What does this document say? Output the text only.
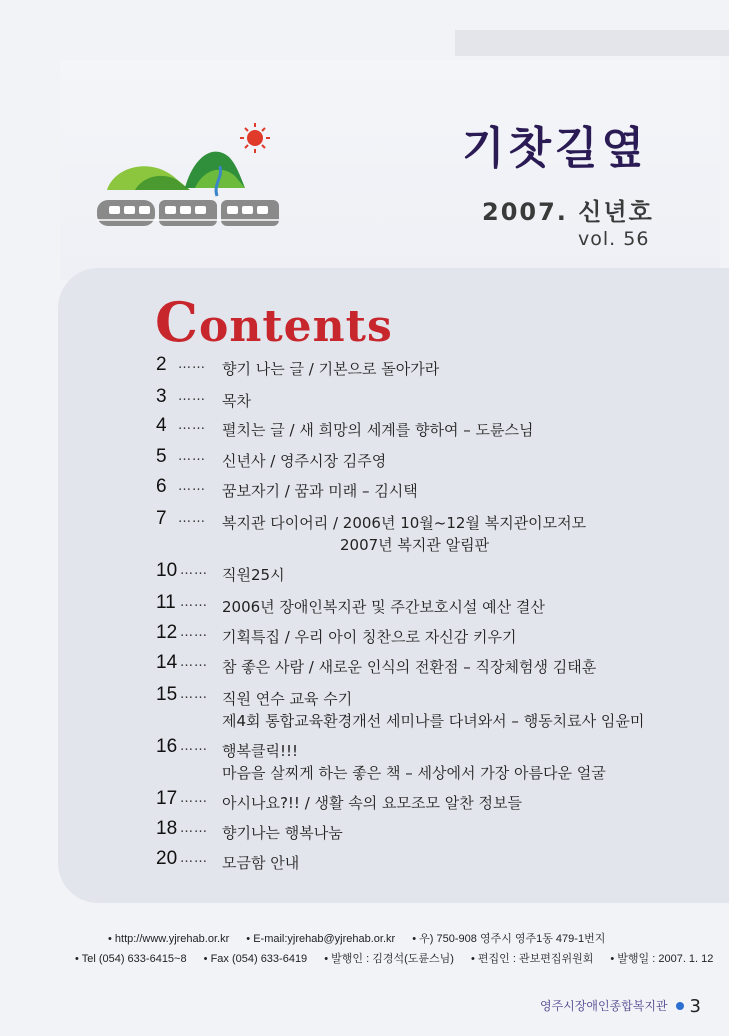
기찻길옆
2007. 신년호
vol. 56
Contents
2 …… 향기 나는 글 / 기본으로 돌아가라
3 …… 목차
4 …… 펼치는 글 / 새 희망의 세계를 향하여 – 도륜스님
5 …… 신년사 / 영주시장 김주영
6 …… 꿈보자기 / 꿈과 미래 – 김시택
7 …… 복지관 다이어리 / 2006년 10월~12월 복지관이모저모
2007년 복지관 알림판
10 …… 직원25시
11 …… 2006년 장애인복지관 및 주간보호시설 예산 결산
12 …… 기획특집 / 우리 아이 칭찬으로 자신감 키우기
14 …… 참 좋은 사람 / 새로운 인식의 전환점 – 직장체험생 김태훈
15 …… 직원 연수 교육 수기
제4회 통합교육환경개선 세미나를 다녀와서 – 행동치료사 임윤미
16 …… 행복클릭!!!
마음을 살찌게 하는 좋은 책 – 세상에서 가장 아름다운 얼굴
17 …… 아시나요?!! / 생활 속의 요모조모 알찬 정보들
18 …… 향기나는 행복나눔
20 …… 모금함 안내
• http://www.yjrehab.or.kr • E-mail:yjrehab@yjrehab.or.kr • 우) 750-908 영주시 영주1동 479-1번지
• Tel (054) 633-6415~8 • Fax (054) 633-6419 • 발행인 : 김경석(도륜스님) • 편집인 : 관보편집위원회 • 발행일 : 2007. 1. 12
영주시장애인종합복지관 3
